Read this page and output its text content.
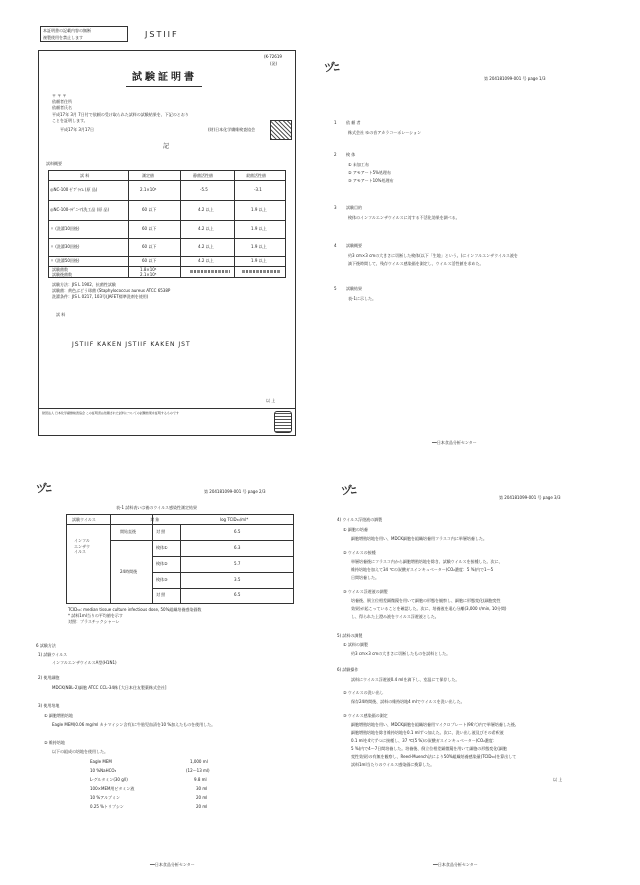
本証明書の記載内容の無断
複製使用を禁止します	JSTIIF
(K-72619
(発)
試験証明書
〒 〒 〒
依頼者住所
依頼者氏名
平成17年 3月 7日付で依頼の受け取られた試料の試験結果を、下記のとおり
ことを証明します。
平成17年 3月17日	(財)日本化学繊維検査協会
記
試料概要
試 料	測定値	静菌活性値	殺菌活性値
◎NC-100 ｾﾞﾌﾞﾗｲﾑ (原 品)	2.1×10⁴	-5.5	-3.1
◎NC-100-ﾗﾃﾞﾆｰｱ(洗工品 (原 品)	60 以下	4.2 以上	1.9 以上
〃 (洗濯10回後)	60 以下	4.2 以上	1.9 以上
〃 (洗濯30回後)	60 以下	4.2 以上	1.9 以上
〃 (洗濯50回後)	60 以下	4.2 以上	1.9 以上
試験菌数	1.8×10⁴
試験後菌数	2.1×10⁵
試験方法：JIS L 1902、抗菌性試験
試験菌：黄色ぶどう球菌 (Staphylococcus aureus ATCC 6538P
洗濯条件：JIS L 0217, 103号(JAFET標準洗剤を使用)
試 料
JSTIIF KAKEN JSTIIF KAKEN JST
以 上
財団法人 日本化学繊維検査協会 この証明書は依頼された試料についての試験結果を証明するものです
ヅﾆ
第 204181099-001 号 page 1/3
1 依 頼 者
株式会社 ゆの音アカラコーポレーション
2 検 体
① 未加工布
② アモアート5%処理布
③ アモアート10%処理布
3 試験目的
検体のインフルエンザウイルスに対する不活化効果を調べる。
4 試験概要
約3 cm×3 cmの大きさに切断した検体(以下「生地」という。)にインフルエンザウイルス液を
滴下後時間して、残存ウイルス感染価を測定し、ウイルス活性値を求めた。
5 試験結果
表-1に示した。
━━日本食品分析センター
ヅﾆ	第 204181099-001 号 page 2/3
表-1 試料表いは被のウイルス感染性測定結果
試験ウイルス	対 象	log TCID₅₀/ml*
インフル
エンザウ
イルス
開始直後	対 照	6.5
24時間後
検体①	6.3
検体②	5.7
検体③	3.5
対 照	6.5
TCID₅₀: median tissue culture infectious dose, 50%組織培養感染価数
* 試料1ml当りの平均値を示す
対照：プラスチックシャーレ
6 試験方法
1) 試験ウイルス
インフルエンザウイルスA型(H1N1)
2) 使用細胞
MDCK(NBL-2)細胞 ATCC CCL-34株 [大日本住友製薬株式会社]
3) 使用培地
① 細胞増殖培地
Eagle MEM(0.06 mg/ml カナマイシン含有)に牛胎児血清を10 %加えたものを使用した。
② 維持培地
以下の組成の培地を使用した。
Eagle MEM	1,000 ml
10 %NaHCO₃	(12～13 ml)
L-グルタミン(30 g/l)	9.8 ml
100×MEM用ビタミン液	30 ml
10 %アルブミン	20 ml
0.25 %トリプシン	20 ml
━━日本食品分析センター
ヅﾆ
第 204181099-001 号 page 3/3
4) ウイルス浮遊液の調製
① 細胞の培養
細胞増殖培地を用い、MDCK細胞を組織培養用フラスコ内に単層培養した。
② ウイルスの接種
単層培養後にフラスコ内から細胞増殖培地を除き、試験ウイルスを接種した。次に、
維持培地を加えて34 ℃の炭酸ガスインキュベーター(CO₂濃度：5 %)内で1～5
日間培養した。
③ ウイルス浮遊液の調製
培養後、倒立位相差顕微鏡を用いて細胞の形態を観察し、細胞に形態変化(細胞変性
効果)が起こっていることを確認した。次に、培養液を遠心分離(3,000 r/min, 10分間)
し、得られた上澄み液をウイルス浮遊液とした。
5) 試料の調製
① 試料の調製
約3 cm×3 cmの大きさに切断したものを試料とした。
6) 試験操作
試料にウイルス浮遊液0.4 mlを滴下し、室温にて保存した。
② ウイルスの洗い出し
保存24時間後、試料の維持培地4 mlでウイルスを洗い出した。
③ ウイルス感染価の測定
細胞増殖培地を用い、MDCK細胞を組織培養用マイクロプレート(96穴)内で単層培養した後,
細胞増殖培地を除き維持培地を0.1 mlずつ加えた。次に、洗い出し液及びその希釈液
0.1 mlを4穴ずつに接種し、37 ℃(5 %)の炭酸ガスインキュベーター(CO₂濃度：
5 %)内で4～7日間培養した。培養後、倒立位相差顕微鏡を用いて細胞の形態変化(細胞
変性効果)の有無を観察し、Reed-Muench法により50%組織培養感染量(TCID₅₀)を算出して
試料1ml当たりのウイルス感染価に換算した。
以 上
━━日本食品分析センター
